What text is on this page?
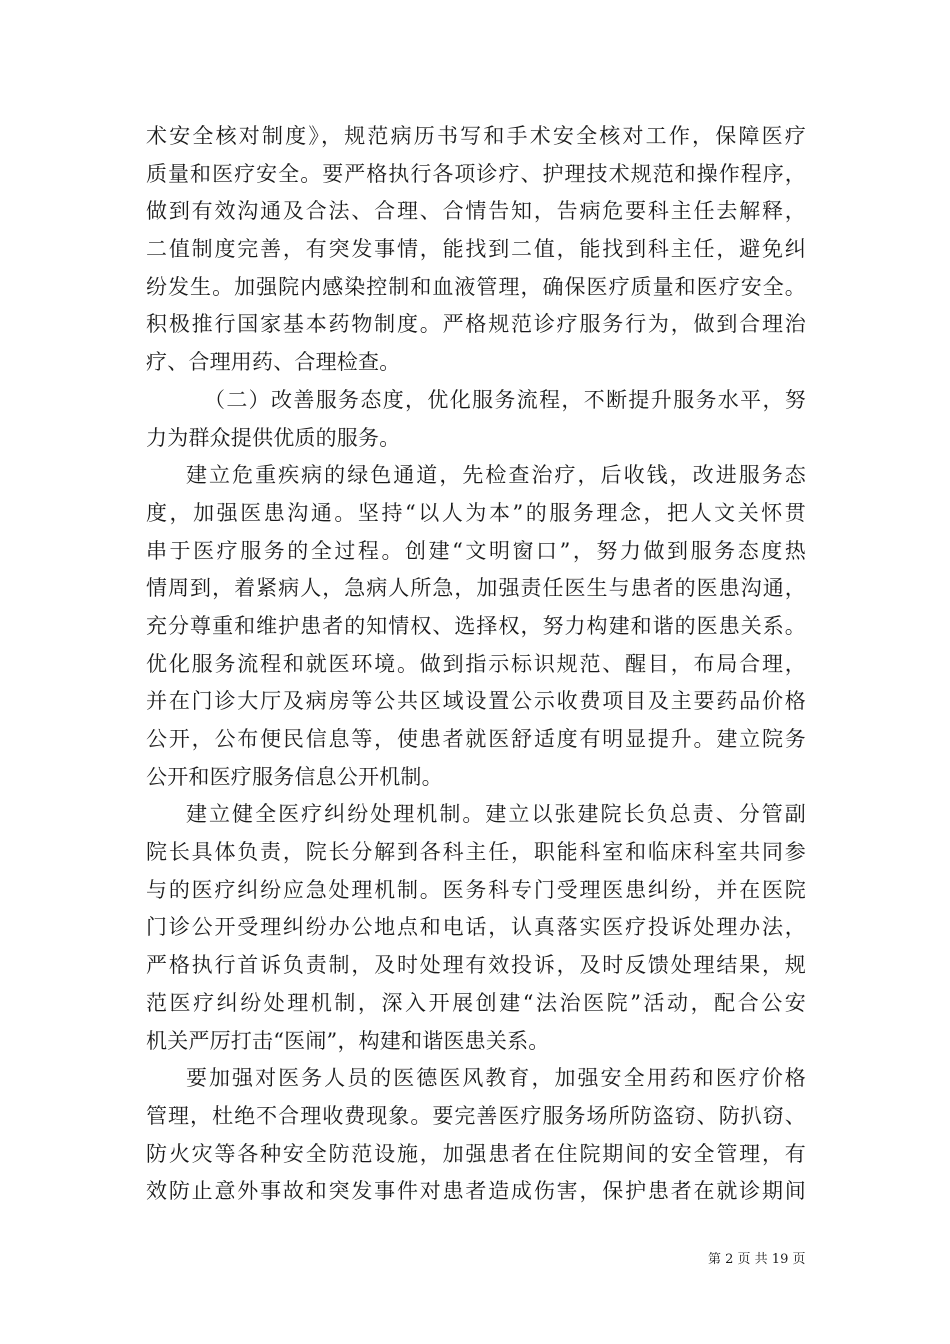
术安全核对制度》，规范病历书写和手术安全核对工作，保障医疗
质量和医疗安全。要严格执行各项诊疗、护理技术规范和操作程序，
做到有效沟通及合法、合理、合情告知，告病危要科主任去解释，
二值制度完善，有突发事情，能找到二值，能找到科主任，避免纠
纷发生。加强院内感染控制和血液管理，确保医疗质量和医疗安全。
积极推行国家基本药物制度。严格规范诊疗服务行为，做到合理治
疗、合理用药、合理检查。
（二）改善服务态度，优化服务流程，不断提升服务水平，努
力为群众提供优质的服务。
建立危重疾病的绿色通道，先检查治疗，后收钱，改进服务态
度，加强医患沟通。坚持“以人为本”的服务理念，把人文关怀贯
串于医疗服务的全过程。创建“文明窗口”，努力做到服务态度热
情周到，着紧病人，急病人所急，加强责任医生与患者的医患沟通，
充分尊重和维护患者的知情权、选择权，努力构建和谐的医患关系。
优化服务流程和就医环境。做到指示标识规范、醒目，布局合理，
并在门诊大厅及病房等公共区域设置公示收费项目及主要药品价格
公开，公布便民信息等，使患者就医舒适度有明显提升。建立院务
公开和医疗服务信息公开机制。
建立健全医疗纠纷处理机制。建立以张建院长负总责、分管副
院长具体负责，院长分解到各科主任，职能科室和临床科室共同参
与的医疗纠纷应急处理机制。医务科专门受理医患纠纷，并在医院
门诊公开受理纠纷办公地点和电话，认真落实医疗投诉处理办法，
严格执行首诉负责制，及时处理有效投诉，及时反馈处理结果，规
范医疗纠纷处理机制，深入开展创建“法治医院”活动，配合公安
机关严厉打击“医闹”，构建和谐医患关系。
要加强对医务人员的医德医风教育，加强安全用药和医疗价格
管理，杜绝不合理收费现象。要完善医疗服务场所防盗窃、防扒窃、
防火灾等各种安全防范设施，加强患者在住院期间的安全管理，有
效防止意外事故和突发事件对患者造成伤害，保护患者在就诊期间
第 2 页 共 19 页
